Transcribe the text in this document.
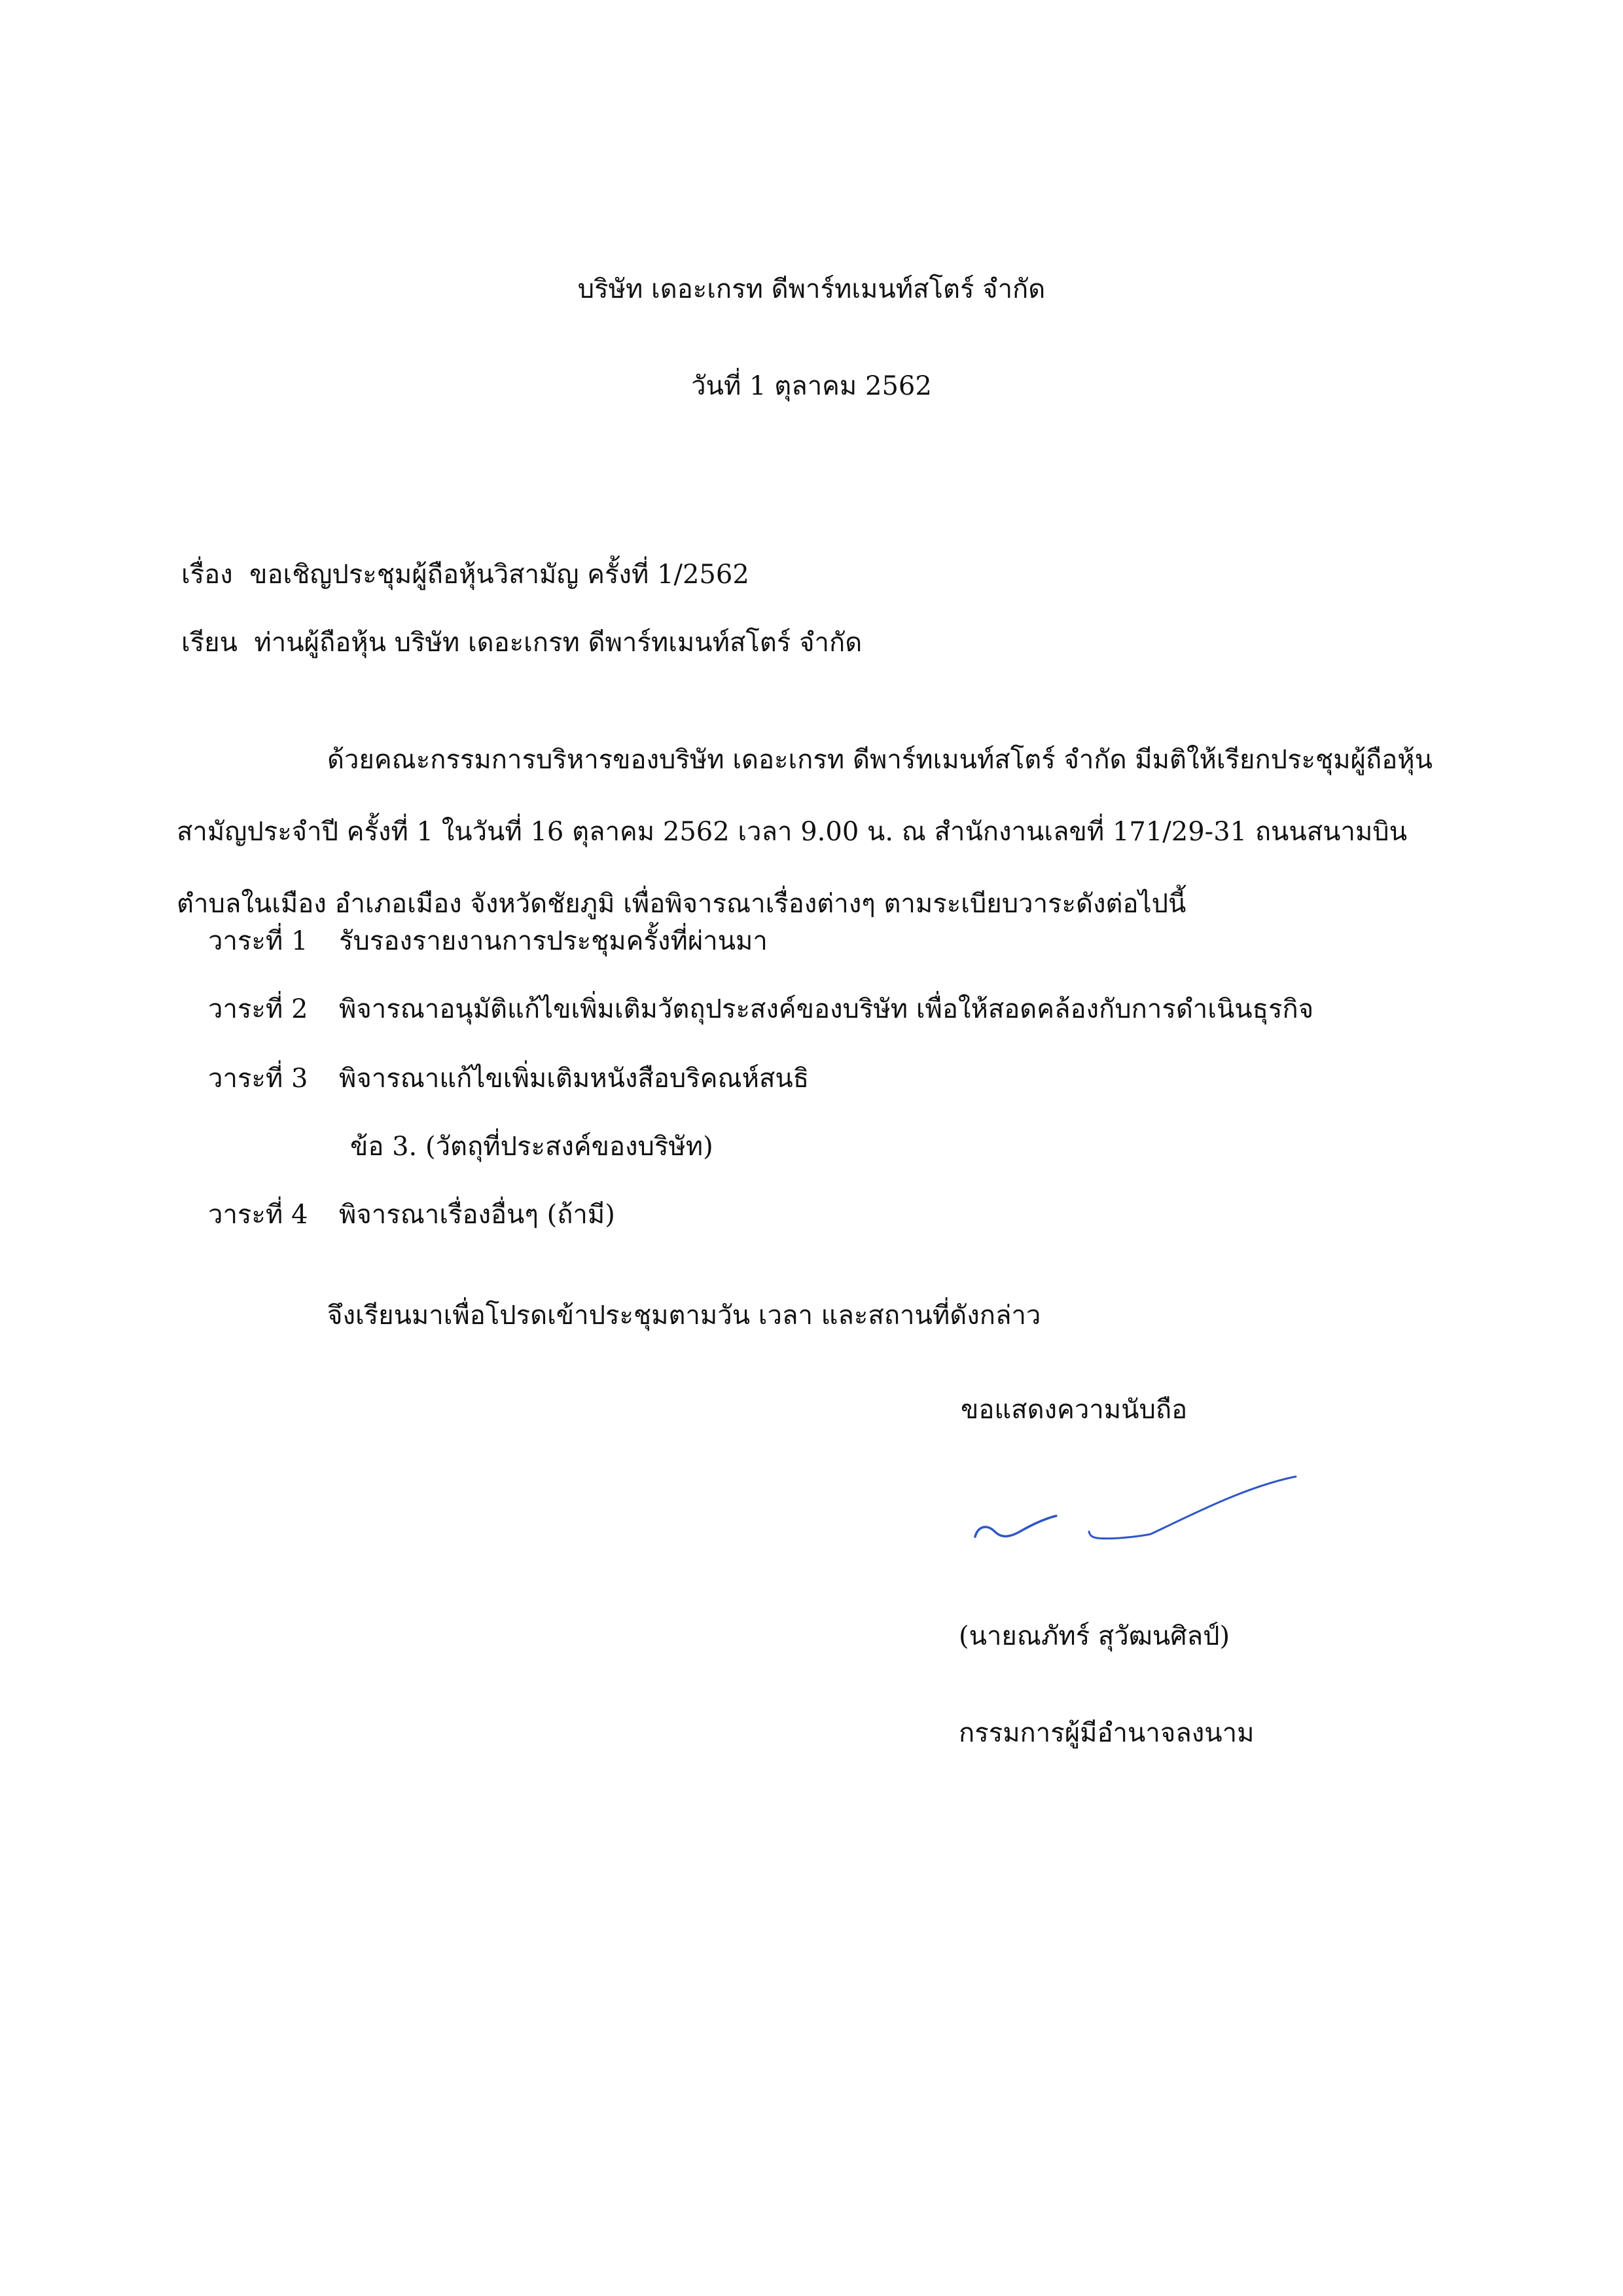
บริษัท เดอะเกรท ดีพาร์ทเมนท์สโตร์ จำกัด

วันที่ 1 ตุลาคม 2562

เรื่อง ขอเชิญประชุมผู้ถือหุ้นวิสามัญ ครั้งที่ 1/2562

เรียน ท่านผู้ถือหุ้น บริษัท เดอะเกรท ดีพาร์ทเมนท์สโตร์ จำกัด

ด้วยคณะกรรมการบริหารของบริษัท เดอะเกรท ดีพาร์ทเมนท์สโตร์ จำกัด มีมติให้เรียกประชุมผู้ถือหุ้นสามัญประจำปี ครั้งที่ 1 ในวันที่ 16 ตุลาคม 2562 เวลา 9.00 น. ณ สำนักงานเลขที่ 171/29-31 ถนนสนามบิน ตำบลในเมือง อำเภอเมือง จังหวัดชัยภูมิ เพื่อพิจารณาเรื่องต่างๆ ตามระเบียบวาระดังต่อไปนี้

วาระที่ 1 รับรองรายงานการประชุมครั้งที่ผ่านมา

วาระที่ 2 พิจารณาอนุมัติแก้ไขเพิ่มเติมวัตถุประสงค์ของบริษัท เพื่อให้สอดคล้องกับการดำเนินธุรกิจ

วาระที่ 3 พิจารณาแก้ไขเพิ่มเติมหนังสือบริคณห์สนธิ

ข้อ 3. (วัตถุที่ประสงค์ของบริษัท)

วาระที่ 4 พิจารณาเรื่องอื่นๆ (ถ้ามี)

จึงเรียนมาเพื่อโปรดเข้าประชุมตามวัน เวลา และสถานที่ดังกล่าว

ขอแสดงความนับถือ

(นายณภัทร์ สุวัฒนศิลป์)

กรรมการผู้มีอำนาจลงนาม
